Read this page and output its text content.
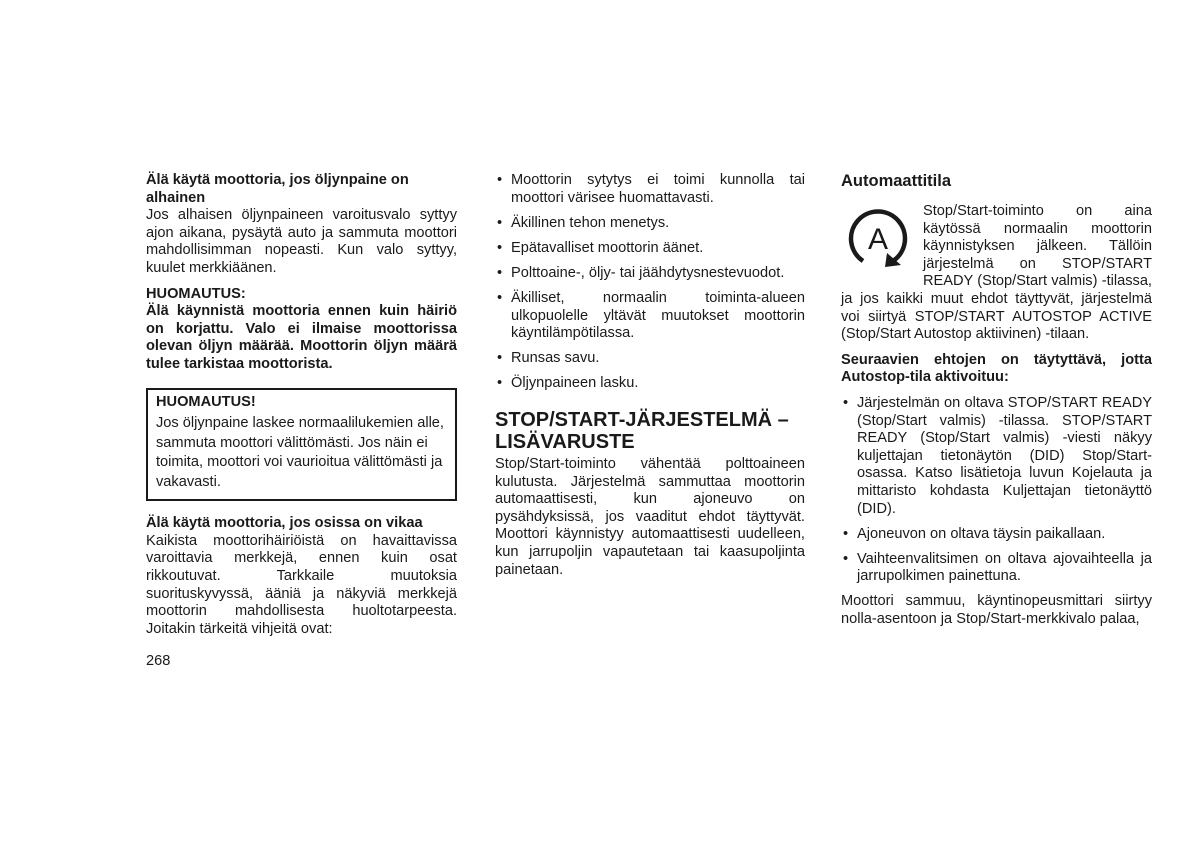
Älä käytä moottoria, jos öljynpaine on alhainen

Jos alhaisen öljynpaineen varoitusvalo syttyy ajon aikana, pysäytä auto ja sammuta moottori mahdollisimman nopeasti. Kun valo syttyy, kuulet merkkiäänen.

HUOMAUTUS:

Älä käynnistä moottoria ennen kuin häiriö on korjattu. Valo ei ilmaise moottorissa olevan öljyn määrää. Moottorin öljyn määrä tulee tarkistaa moottorista.

HUOMAUTUS!

Jos öljynpaine laskee normaalilukemien alle, sammuta moottori välittömästi. Jos näin ei toimita, moottori voi vaurioitua välittömästi ja vakavasti.

Älä käytä moottoria, jos osissa on vikaa

Kaikista moottorihäiriöistä on havaittavissa varoittavia merkkejä, ennen kuin osat rikkoutuvat. Tarkkaile muutoksia suorituskyvyssä, ääniä ja näkyviä merkkejä moottorin mahdollisesta huoltotarpeesta. Joitakin tärkeitä vihjeitä ovat:

• Moottorin sytytys ei toimi kunnolla tai moottori värisee huomattavasti.
• Äkillinen tehon menetys.
• Epätavalliset moottorin äänet.
• Polttoaine-, öljy- tai jäähdytysnestevuodot.
• Äkilliset, normaalin toiminta-alueen ulkopuolelle yltävät muutokset moottorin käyntilämpötilassa.
• Runsas savu.
• Öljynpaineen lasku.

STOP/START-JÄRJESTELMÄ – LISÄVARUSTE

Stop/Start-toiminto vähentää polttoaineen kulutusta. Järjestelmä sammuttaa moottorin automaattisesti, kun ajoneuvo on pysähdyksissä, jos vaaditut ehdot täyttyvät. Moottori käynnistyy automaattisesti uudelleen, kun jarrupoljin vapautetaan tai kaasupoljinta painetaan.

Automaattitila

A

Stop/Start-toiminto on aina käytössä normaalin moottorin käynnistyksen jälkeen. Tällöin järjestelmä on STOP/START READY (Stop/Start valmis) -tilassa, ja jos kaikki muut ehdot täyttyvät, järjestelmä voi siirtyä STOP/START AUTOSTOP ACTIVE (Stop/Start Autostop aktiivinen) -tilaan.

Seuraavien ehtojen on täytyttävä, jotta Autostop-tila aktivoituu:

• Järjestelmän on oltava STOP/START READY (Stop/Start valmis) -tilassa. STOP/START READY (Stop/Start valmis) -viesti näkyy kuljettajan tietonäytön (DID) Stop/Start-osassa. Katso lisätietoja luvun Kojelauta ja mittaristo kohdasta Kuljettajan tietonäyttö (DID).
• Ajoneuvon on oltava täysin paikallaan.
• Vaihteenvalitsimen on oltava ajovaihteella ja jarrupolkimen painettuna.

Moottori sammuu, käyntinopeusmittari siirtyy nolla-asentoon ja Stop/Start-merkkivalo palaa,

268
